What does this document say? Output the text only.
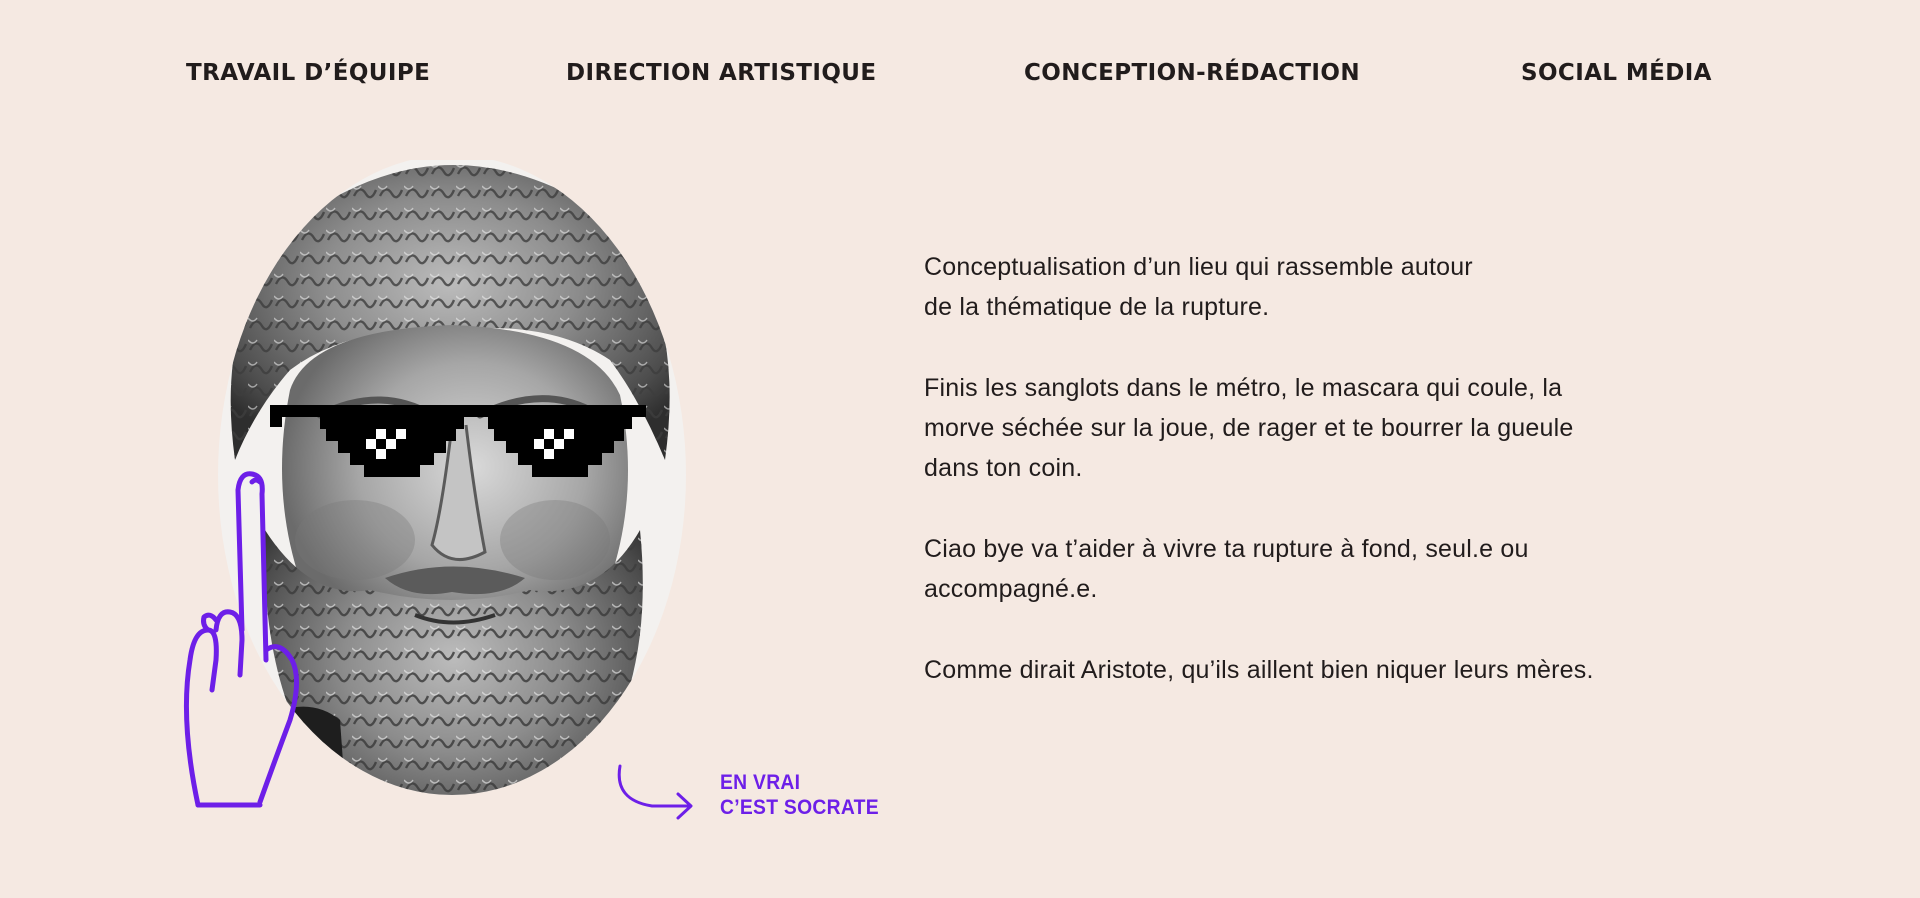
TRAVAIL D’ÉQUIPE	DIRECTION ARTISTIQUE	CONCEPTION-RÉDACTION	SOCIAL MÉDIA
EN VRAI
C’EST SOCRATE

Conceptualisation d’un lieu qui rassemble autour
de la thématique de la rupture.

Finis les sanglots dans le métro, le mascara qui coule, la
morve séchée sur la joue, de rager et te bourrer la gueule
dans ton coin.

Ciao bye va t’aider à vivre ta rupture à fond, seul.e ou
accompagné.e.

Comme dirait Aristote, qu’ils aillent bien niquer leurs mères.
